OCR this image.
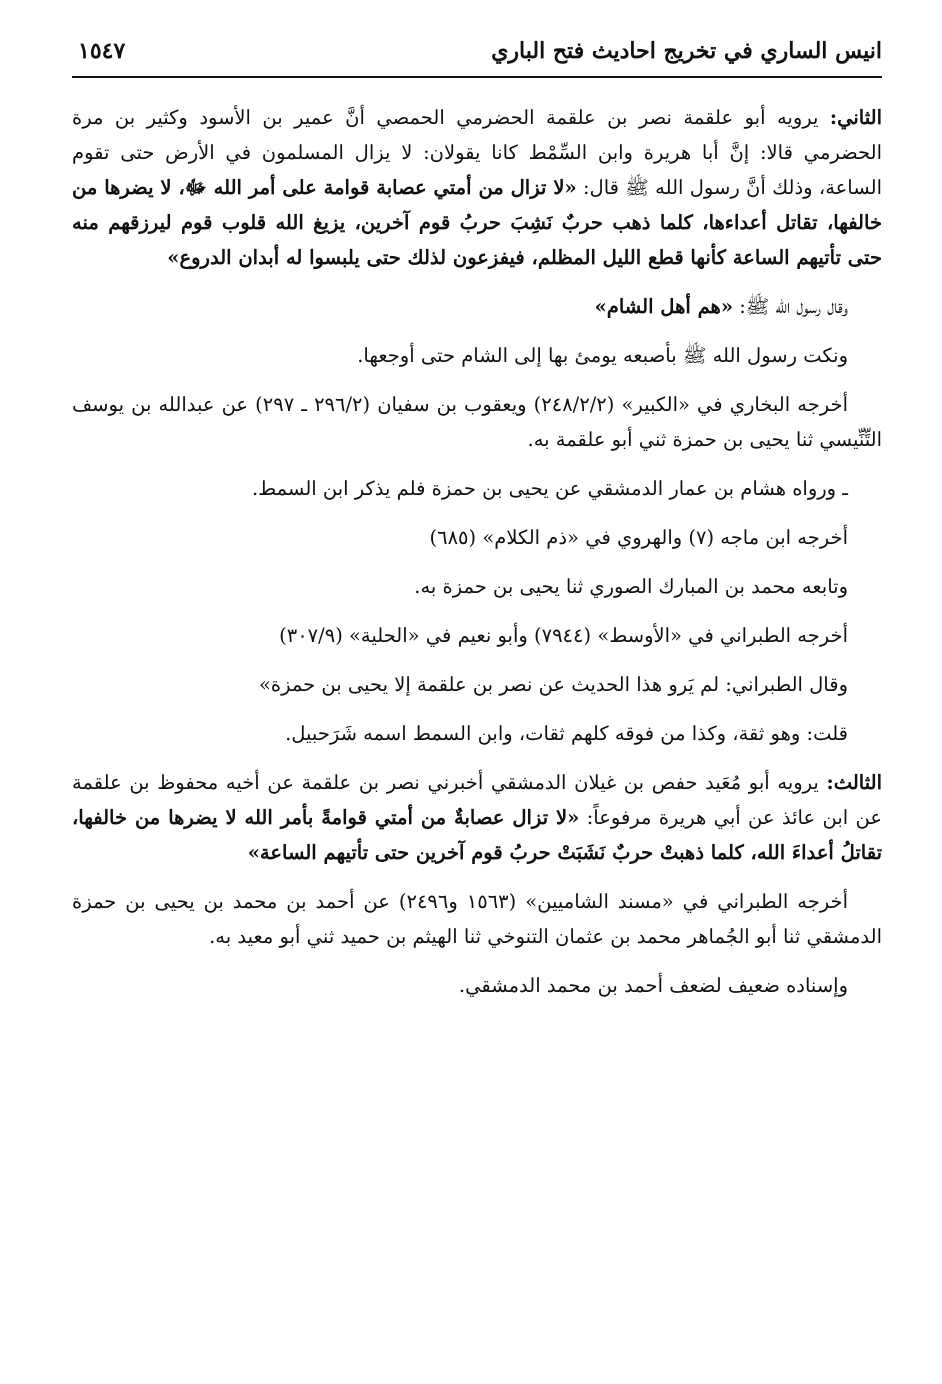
انيس الساري في تخريج احاديث فتح الباري
١٥٤٧

الثاني: يرويه أبو علقمة نصر بن علقمة الحضرمي الحمصي أنَّ عمير بن الأسود وكثير بن مرة الحضرمي قالا: إنَّ أبا هريرة وابن السِّمْط كانا يقولان: لا يزال المسلمون في الأرض حتى تقوم الساعة، وذلك أنَّ رسول الله ﷺ قال: «لا تزال من أمتي عصابة قوامة على أمر الله ﷻ، لا يضرها من خالفها، تقاتل أعداءها، كلما ذهب حربٌ نَشِبَ حربُ قوم آخرين، يزيغ الله قلوب قوم ليرزقهم منه حتى تأتيهم الساعة كأنها قطع الليل المظلم، فيفزعون لذلك حتى يلبسوا له أبدان الدروع»

وقال رسول الله ﷺ: «هم أهل الشام»

ونكت رسول الله ﷺ بأصبعه يومئ بها إلى الشام حتى أوجعها.

أخرجه البخاري في «الكبير» (٢٤٨/٢/٢) ويعقوب بن سفيان (٢٩٦/٢ ـ ٢٩٧) عن عبدالله بن يوسف التِّنِّيسي ثنا يحيى بن حمزة ثني أبو علقمة به.

ـ ورواه هشام بن عمار الدمشقي عن يحيى بن حمزة فلم يذكر ابن السمط.

أخرجه ابن ماجه (٧) والهروي في «ذم الكلام» (٦٨٥)

وتابعه محمد بن المبارك الصوري ثنا يحيى بن حمزة به.

أخرجه الطبراني في «الأوسط» (٧٩٤٤) وأبو نعيم في «الحلية» (٣٠٧/٩)

وقال الطبراني: لم يَرو هذا الحديث عن نصر بن علقمة إلا يحيى بن حمزة»

قلت: وهو ثقة، وكذا من فوقه كلهم ثقات، وابن السمط اسمه شَرَحبيل.

الثالث: يرويه أبو مُعَيد حفص بن غيلان الدمشقي أخبرني نصر بن علقمة عن أخيه محفوظ بن علقمة عن ابن عائذ عن أبي هريرة مرفوعاً: «لا تزال عصابةٌ من أمتي قوامةً بأمر الله لا يضرها من خالفها، تقاتلُ أعداءَ الله، كلما ذهبتْ حربٌ نَشَبَتْ حربُ قوم آخرين حتى تأتيهم الساعة»

أخرجه الطبراني في «مسند الشاميين» (١٥٦٣ و٢٤٩٦) عن أحمد بن محمد بن يحيى بن حمزة الدمشقي ثنا أبو الجُماهر محمد بن عثمان التنوخي ثنا الهيثم بن حميد ثني أبو معيد به.

وإسناده ضعيف لضعف أحمد بن محمد الدمشقي.
